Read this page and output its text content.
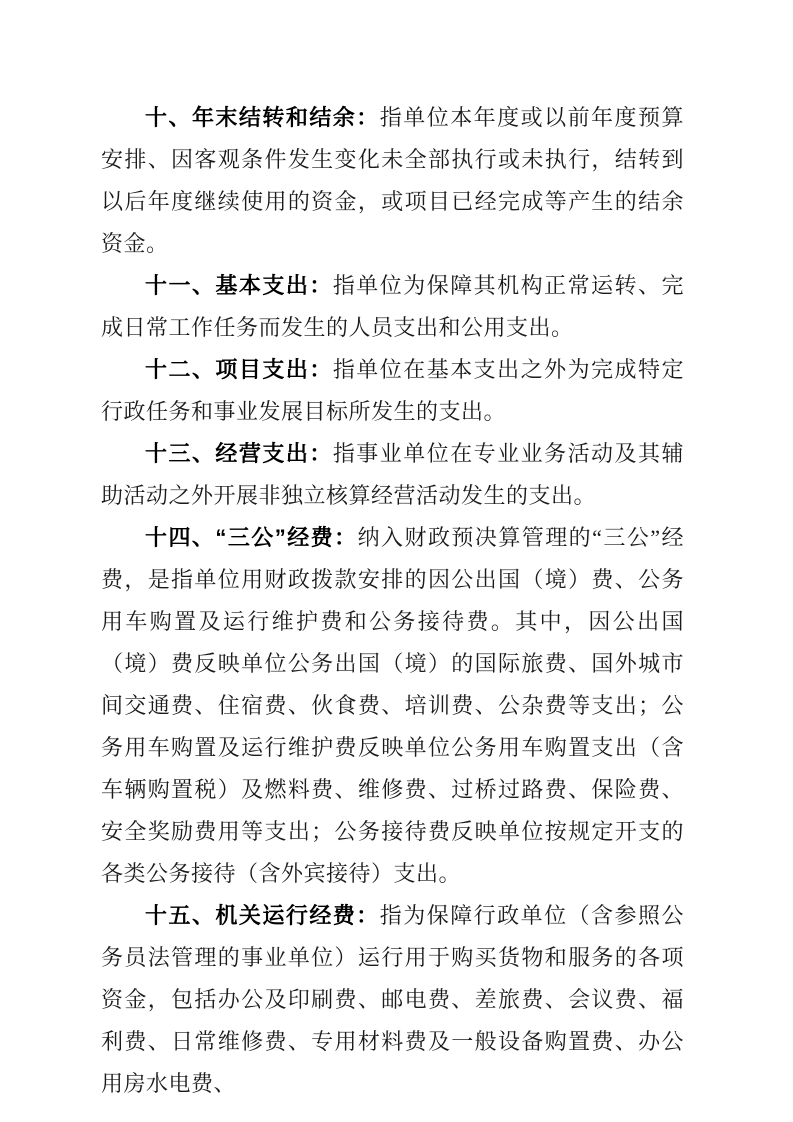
十、年末结转和结余：指单位本年度或以前年度预算安排、因客观条件发生变化未全部执行或未执行，结转到以后年度继续使用的资金，或项目已经完成等产生的结余资金。

十一、基本支出：指单位为保障其机构正常运转、完成日常工作任务而发生的人员支出和公用支出。

十二、项目支出：指单位在基本支出之外为完成特定行政任务和事业发展目标所发生的支出。

十三、经营支出：指事业单位在专业业务活动及其辅助活动之外开展非独立核算经营活动发生的支出。

十四、“三公”经费：纳入财政预决算管理的“三公”经费，是指单位用财政拨款安排的因公出国（境）费、公务用车购置及运行维护费和公务接待费。其中，因公出国（境）费反映单位公务出国（境）的国际旅费、国外城市间交通费、住宿费、伙食费、培训费、公杂费等支出；公务用车购置及运行维护费反映单位公务用车购置支出（含车辆购置税）及燃料费、维修费、过桥过路费、保险费、安全奖励费用等支出；公务接待费反映单位按规定开支的各类公务接待（含外宾接待）支出。

十五、机关运行经费：指为保障行政单位（含参照公务员法管理的事业单位）运行用于购买货物和服务的各项资金，包括办公及印刷费、邮电费、差旅费、会议费、福利费、日常维修费、专用材料费及一般设备购置费、办公用房水电费、
